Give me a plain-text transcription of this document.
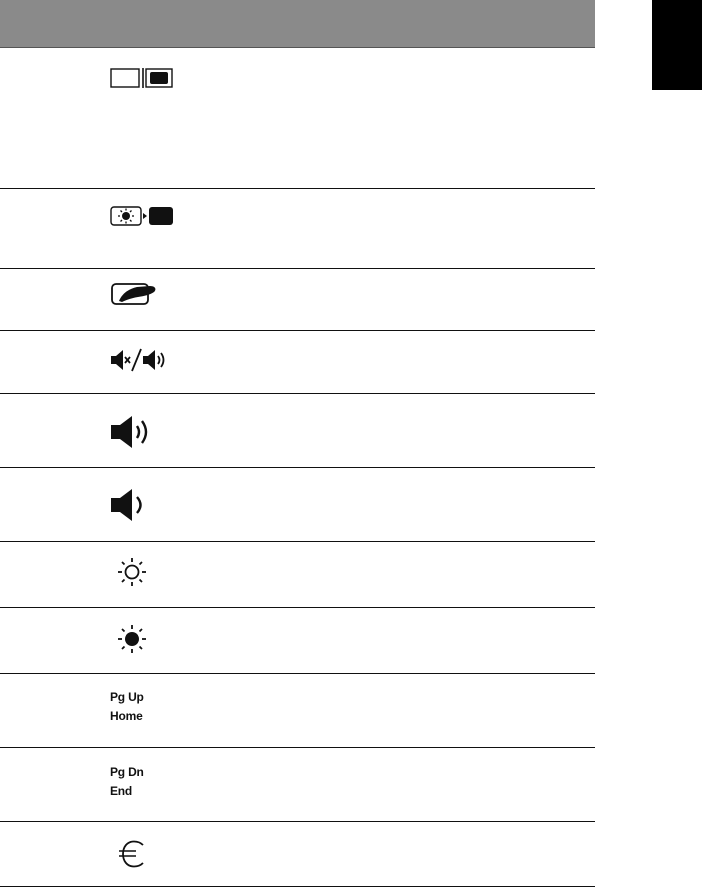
Pg Up
Home
Pg Dn
End
